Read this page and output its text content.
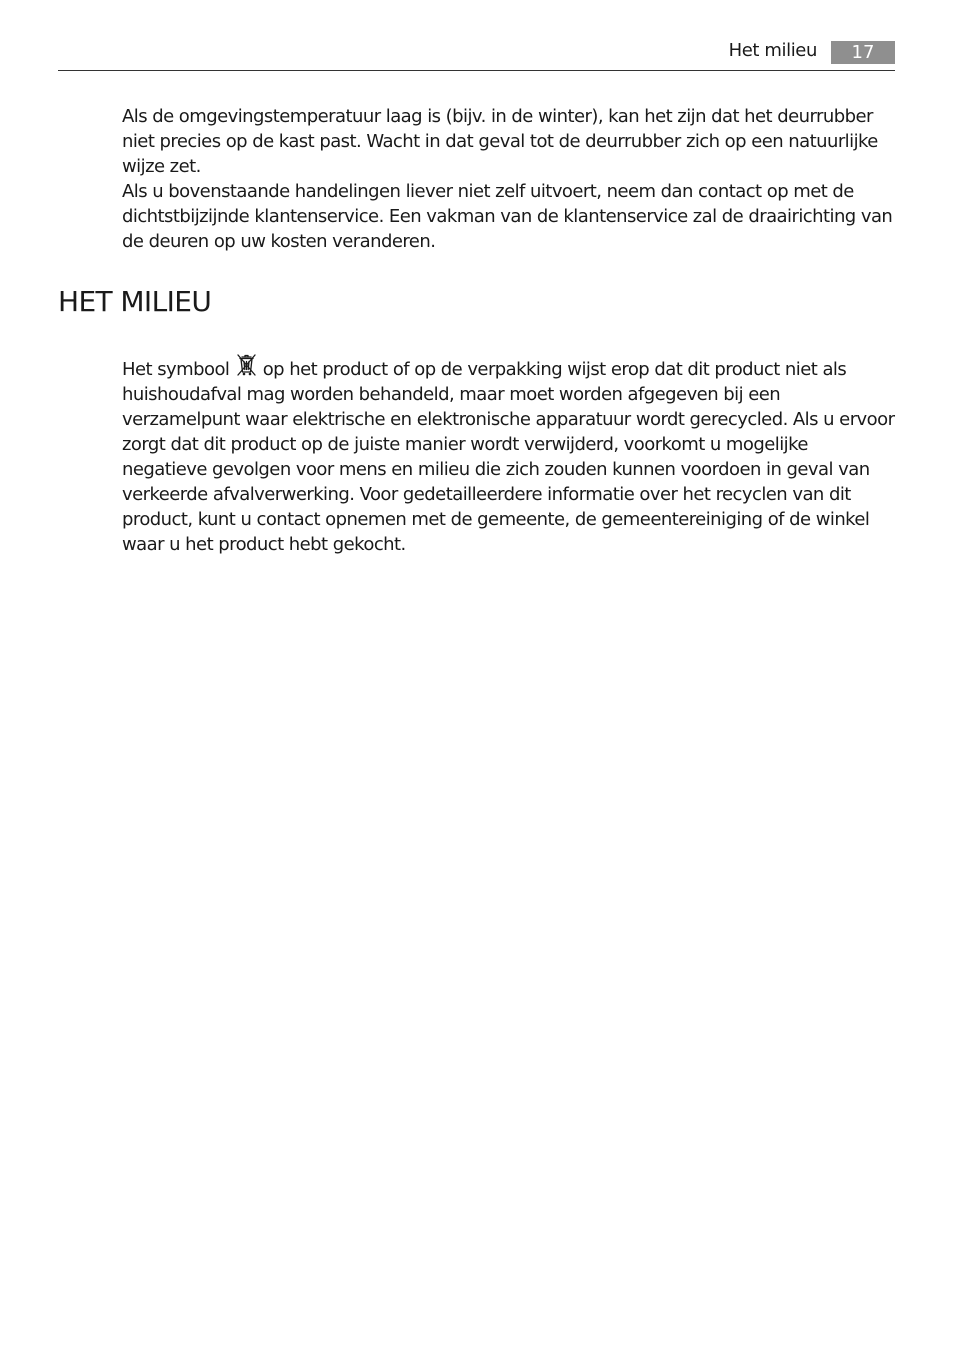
Het milieu	17

Als de omgevingstemperatuur laag is (bijv. in de winter), kan het zijn dat het deurrubber niet precies op de kast past. Wacht in dat geval tot de deurrubber zich op een natuurlijke wijze zet.

Als u bovenstaande handelingen liever niet zelf uitvoert, neem dan contact op met de dichtstbijzijnde klantenservice. Een vakman van de klantenservice zal de draairichting van de deuren op uw kosten veranderen.

HET MILIEU

Het symbool  op het product of op de verpakking wijst erop dat dit product niet als huishoudafval mag worden behandeld, maar moet worden afgegeven bij een verzamelpunt waar elektrische en elektronische apparatuur wordt gerecycled. Als u ervoor zorgt dat dit product op de juiste manier wordt verwijderd, voorkomt u mogelijke negatieve gevolgen voor mens en milieu die zich zouden kunnen voordoen in geval van verkeerde afvalverwerking. Voor gedetailleerdere informatie over het recyclen van dit product, kunt u contact opnemen met de gemeente, de gemeentereiniging of de winkel waar u het product hebt gekocht.
